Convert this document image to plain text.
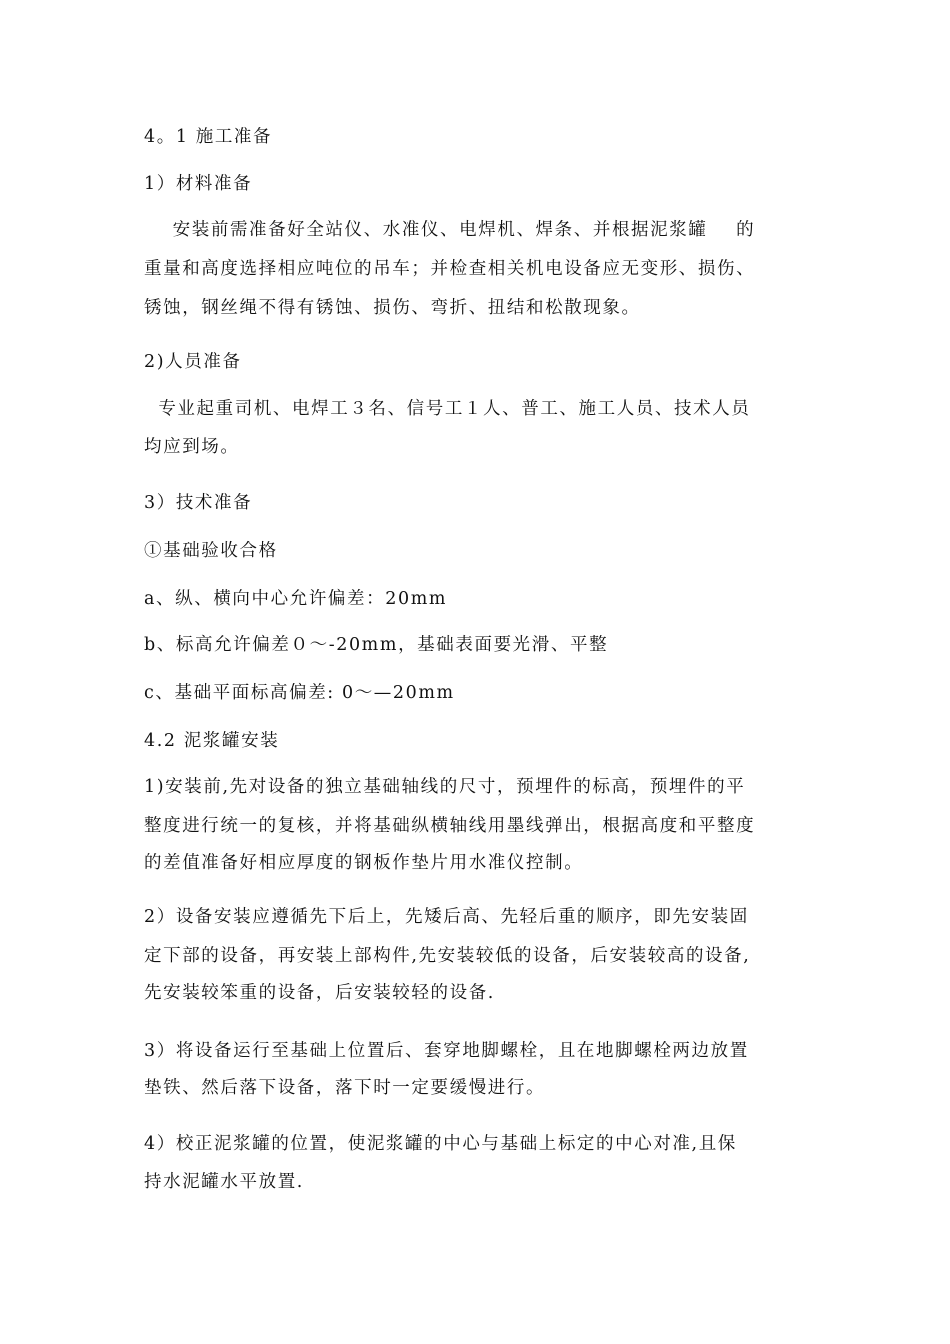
4。1 施工准备
1）材料准备
安装前需准备好全站仪、水准仪、电焊机、焊条、并根据泥浆罐    的
重量和高度选择相应吨位的吊车；并检查相关机电设备应无变形、损伤、
锈蚀，钢丝绳不得有锈蚀、损伤、弯折、扭结和松散现象。
2)人员准备
专业起重司机、电焊工３名、信号工１人、普工、施工人员、技术人员
均应到场。
3）技术准备
①基础验收合格
a、纵、横向中心允许偏差：20mm
b、标高允许偏差０～-20mm，基础表面要光滑、平整
c、基础平面标高偏差: 0～—20mm
4.2 泥浆罐安装
1)安装前,先对设备的独立基础轴线的尺寸，预埋件的标高，预埋件的平
整度进行统一的复核，并将基础纵横轴线用墨线弹出，根据高度和平整度
的差值准备好相应厚度的钢板作垫片用水准仪控制。
2）设备安装应遵循先下后上，先矮后高、先轻后重的顺序，即先安装固
定下部的设备，再安装上部构件,先安装较低的设备，后安装较高的设备,
先安装较笨重的设备，后安装较轻的设备.
3）将设备运行至基础上位置后、套穿地脚螺栓，且在地脚螺栓两边放置
垫铁、然后落下设备，落下时一定要缓慢进行。
4）校正泥浆罐的位置，使泥浆罐的中心与基础上标定的中心对准,且保
持水泥罐水平放置.
